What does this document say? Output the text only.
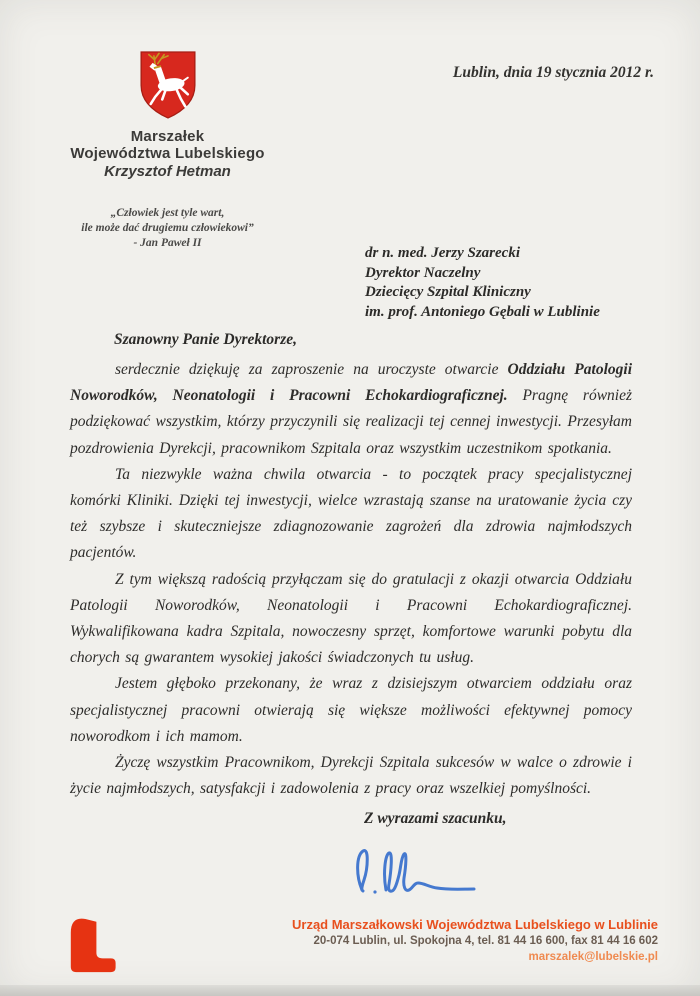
Marszałek
Województwa Lubelskiego
Krzysztof Hetman
„Człowiek jest tyle wart,
ile może dać drugiemu człowiekowi”
- Jan Paweł II
Lublin, dnia 19 stycznia 2012 r.
dr n. med. Jerzy Szarecki
Dyrektor Naczelny
Dziecięcy Szpital Kliniczny
im. prof. Antoniego Gębali w Lublinie
Szanowny Panie Dyrektorze,

serdecznie dziękuję za zaproszenie na uroczyste otwarcie Oddziału Patologii Noworodków, Neonatologii i Pracowni Echokardiograficznej. Pragnę również podziękować wszystkim, którzy przyczynili się realizacji tej cennej inwestycji. Przesyłam pozdrowienia Dyrekcji, pracownikom Szpitala oraz wszystkim uczestnikom spotkania.

Ta niezwykle ważna chwila otwarcia - to początek pracy specjalistycznej komórki Kliniki. Dzięki tej inwestycji, wielce wzrastają szanse na uratowanie życia czy też szybsze i skuteczniejsze zdiagnozowanie zagrożeń dla zdrowia najmłodszych pacjentów.

Z tym większą radością przyłączam się do gratulacji z okazji otwarcia Oddziału Patologii Noworodków, Neonatologii i Pracowni Echokardiograficznej. Wykwalifikowana kadra Szpitala, nowoczesny sprzęt, komfortowe warunki pobytu dla chorych są gwarantem wysokiej jakości świadczonych tu usług.

Jestem głęboko przekonany, że wraz z dzisiejszym otwarciem oddziału oraz specjalistycznej pracowni otwierają się większe możliwości efektywnej pomocy noworodkom i ich mamom.

Życzę wszystkim Pracownikom, Dyrekcji Szpitala sukcesów w walce o zdrowie i życie najmłodszych, satysfakcji i zadowolenia z pracy oraz wszelkiej pomyślności.

Z wyrazami szacunku,
Urząd Marszałkowski Województwa Lubelskiego w Lublinie
20-074 Lublin, ul. Spokojna 4, tel. 81 44 16 600, fax 81 44 16 602
marszalek@lubelskie.pl
